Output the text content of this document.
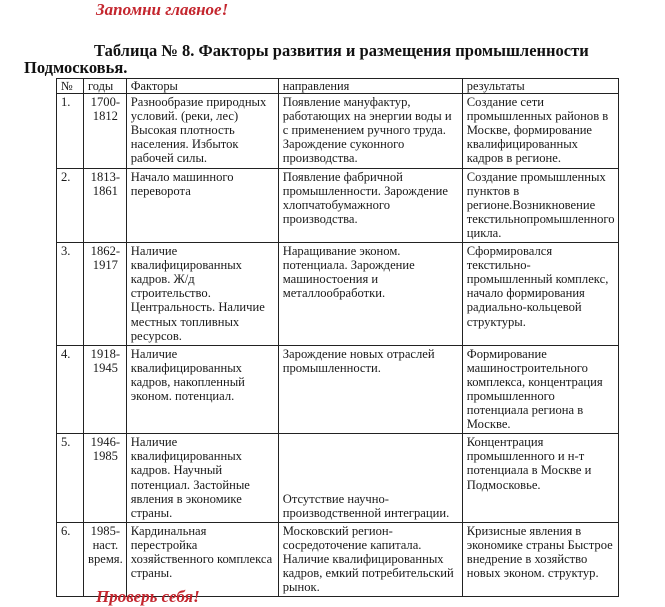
Запомни главное!
Таблица № 8. Факторы развития и размещения промышленности Подмосковья.
№	годы	Факторы	направления	результаты
1.	1700-1812	Разнообразие природных условий. (реки, лес) Высокая плотность населения. Избыток рабочей силы.	Появление мануфактур, работающих на энергии воды и с применением ручного труда. Зарождение суконного производства.	Создание сети промышленных районов в Москве, формирование квалифицированных кадров в регионе.
2.	1813-1861	Начало машинного переворота	Появление фабричной промышленности. Зарождение хлопчатобумажного производства.	Создание промышленных пунктов в регионе.Возникновение текстильнопромышленного цикла.
3.	1862-1917	Наличие квалифицированных кадров. Ж/д строительство. Центральность. Наличие местных топливных ресурсов.	Наращивание эконом. потенциала. Зарождение машиностоения и металлообработки.	Сформировался текстильно-промышленный комплекс, начало формирования радиально-кольцевой структуры.
4.	1918-1945	Наличие квалифицированных кадров, накопленный эконом. потенциал.	Зарождение новых отраслей промышленности.	Формирование машиностроительного комплекса, концентрация промышленного потенциала региона в Москве.
5.	1946-1985	Наличие квалифицированных кадров. Научный потенциал. Застойные явления в экономике страны.	Отсутствие научно- производственной интеграции.	Концентрация промышленного и н-т потенциала в Москве и Подмосковье.
6.	1985-наст. время.	Кардинальная перестройка хозяйственного комплекса страны.	Московский регион- сосредоточение капитала. Наличие квалифицированных кадров, емкий потребительский рынок.	Кризисные явления в экономике страны Быстрое внедрение в хозяйство новых эконом. структур.
Проверь себя!
